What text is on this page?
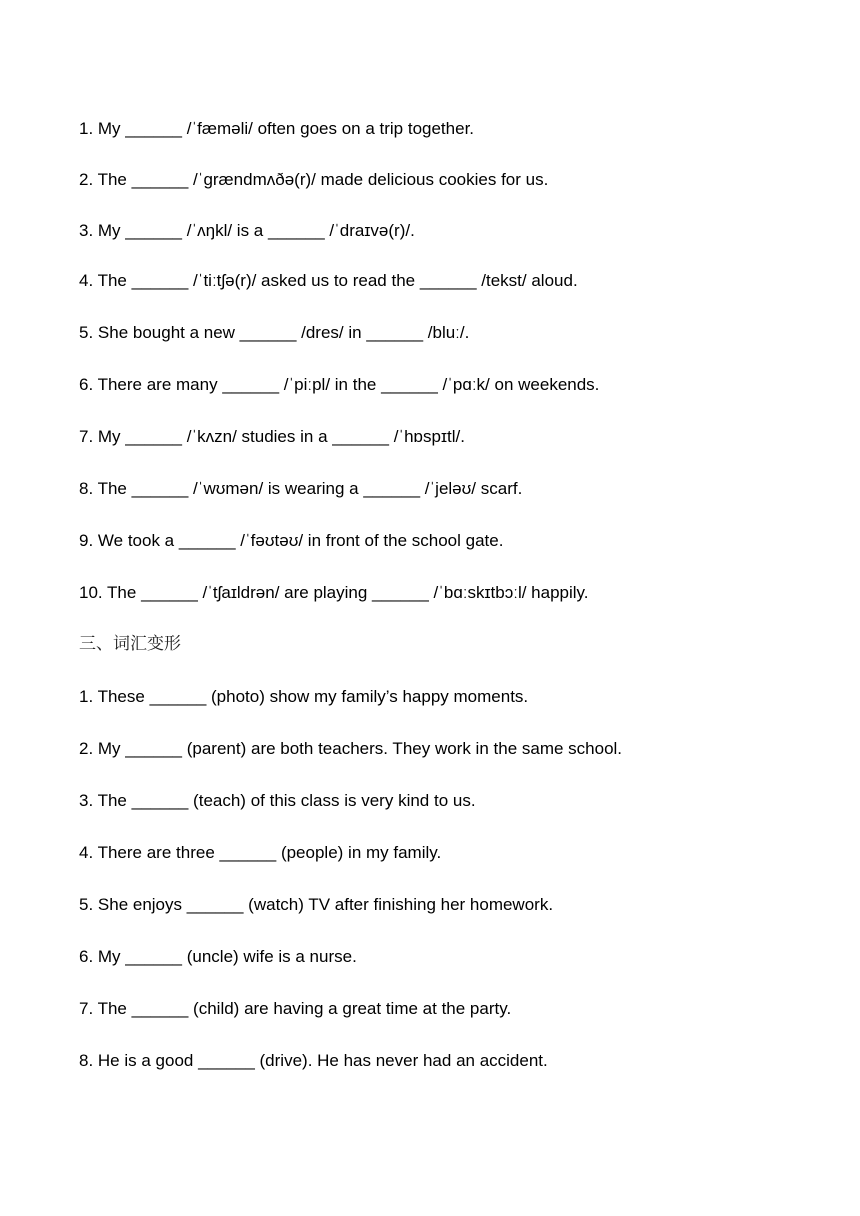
1. My ______ /ˈfæməli/ often goes on a trip together.
2. The ______ /ˈɡrændmʌðə(r)/ made delicious cookies for us.
3. My ______ /ˈʌŋkl/ is a ______ /ˈdraɪvə(r)/.
4. The ______ /ˈtiːtʃə(r)/ asked us to read the ______ /tekst/ aloud.
5. She bought a new ______ /dres/ in ______ /bluː/.
6. There are many ______ /ˈpiːpl/ in the ______ /ˈpɑːk/ on weekends.
7. My ______ /ˈkʌzn/ studies in a ______ /ˈhɒspɪtl/.
8. The ______ /ˈwʊmən/ is wearing a ______ /ˈjeləʊ/ scarf.
9. We took a ______ /ˈfəʊtəʊ/ in front of the school gate.
10. The ______ /ˈtʃaɪldrən/ are playing ______ /ˈbɑːskɪtbɔːl/ happily.
三、词汇变形
1. These ______ (photo) show my family’s happy moments.
2. My ______ (parent) are both teachers. They work in the same school.
3. The ______ (teach) of this class is very kind to us.
4. There are three ______ (people) in my family.
5. She enjoys ______ (watch) TV after finishing her homework.
6. My ______ (uncle) wife is a nurse.
7. The ______ (child) are having a great time at the party.
8. He is a good ______ (drive). He has never had an accident.
